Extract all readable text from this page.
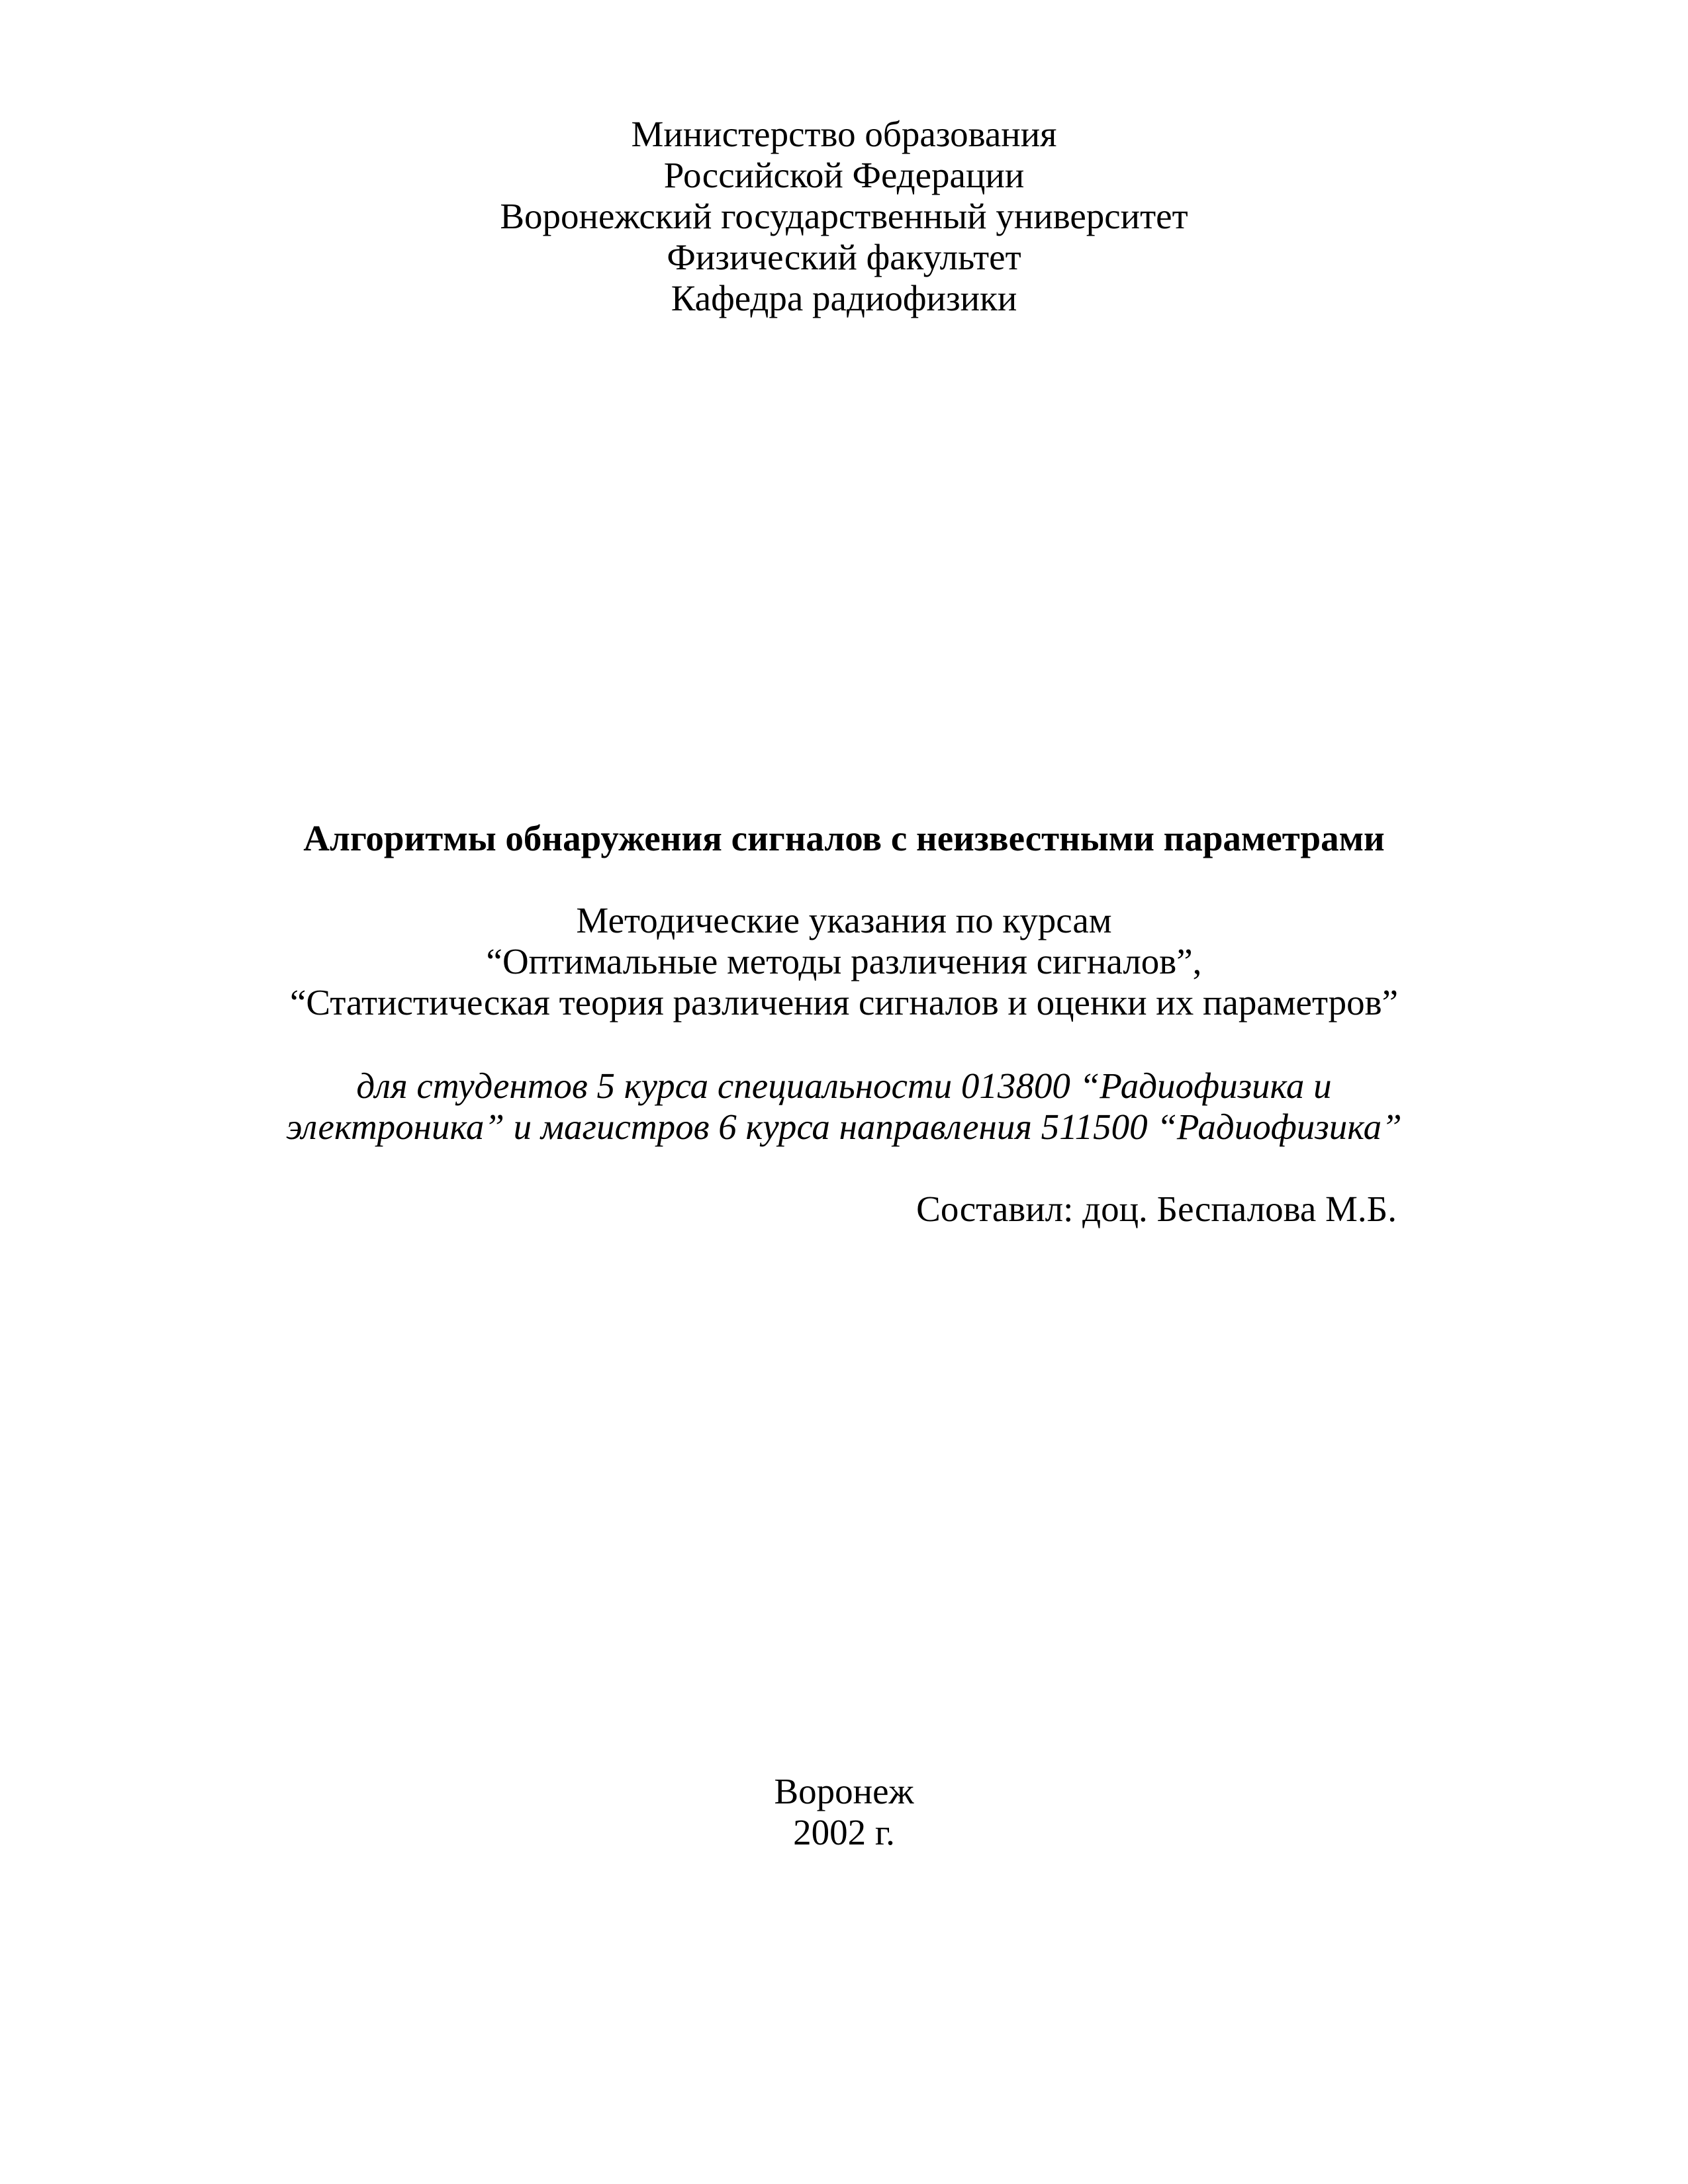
Министерство образования
Российской Федерации
Воронежский государственный университет
Физический факультет
Кафедра радиофизики
Алгоритмы обнаружения сигналов с неизвестными параметрами
Методические указания по курсам
“Оптимальные методы различения сигналов”,
“Статистическая теория различения сигналов и оценки их параметров”
для студентов 5 курса специальности 013800 “Радиофизика и
электроника” и магистров 6 курса направления 511500 “Радиофизика”
Составил: доц. Беспалова М.Б.
Воронеж
2002 г.
